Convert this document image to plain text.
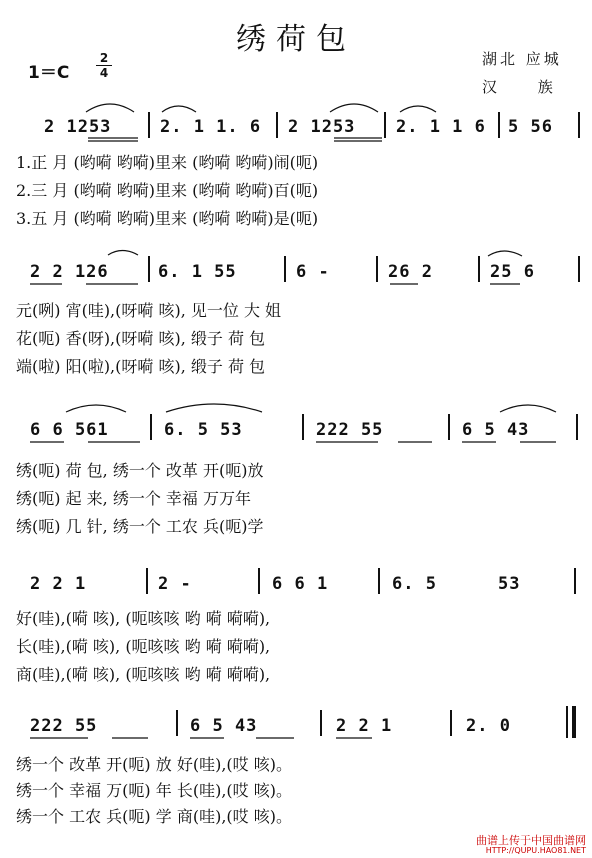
绣荷包
湖北 应城
汉 族
1＝C
2
4
2 1253	2. 1 1. 6 2 1253 2. 1 1 6 5 56
1.正 月 (哟嗬 哟嗬)里来 (哟嗬 哟嗬)闹(呃)
2.三 月 (哟嗬 哟嗬)里来 (哟嗬 哟嗬)百(呃)
3.五 月 (哟嗬 哟嗬)里来 (哟嗬 哟嗬)是(呃)
2 2 126	6. 1 55	6 -	26 2	25 6
元(咧) 宵(哇),(呀嗬 咳), 见一位 大 姐
花(呃) 香(呀),(呀嗬 咳), 缎子 荷 包
端(啦) 阳(啦),(呀嗬 咳), 缎子 荷 包
6 6 561	6. 5 53	222 55	6 5 43
绣(呃) 荷 包, 绣一个 改革 开(呃)放
绣(呃) 起 来, 绣一个 幸福 万万年
绣(呃) 几 针, 绣一个 工农 兵(呃)学
2 2 1	2 -	6 6 1	6. 5	53
好(哇),(嗬 咳), (呃咳咳 哟 嗬 嗬嗬),
长(哇),(嗬 咳), (呃咳咳 哟 嗬 嗬嗬),
商(哇),(嗬 咳), (呃咳咳 哟 嗬 嗬嗬),
222 55	6 5 43	2 2 1	2. 0
绣一个 改革 开(呃) 放 好(哇),(哎 咳)。
绣一个 幸福 万(呃) 年 长(哇),(哎 咳)。
绣一个 工农 兵(呃) 学 商(哇),(哎 咳)。
曲谱上传于中国曲谱网
HTTP://QUPU.HAO81.NET
